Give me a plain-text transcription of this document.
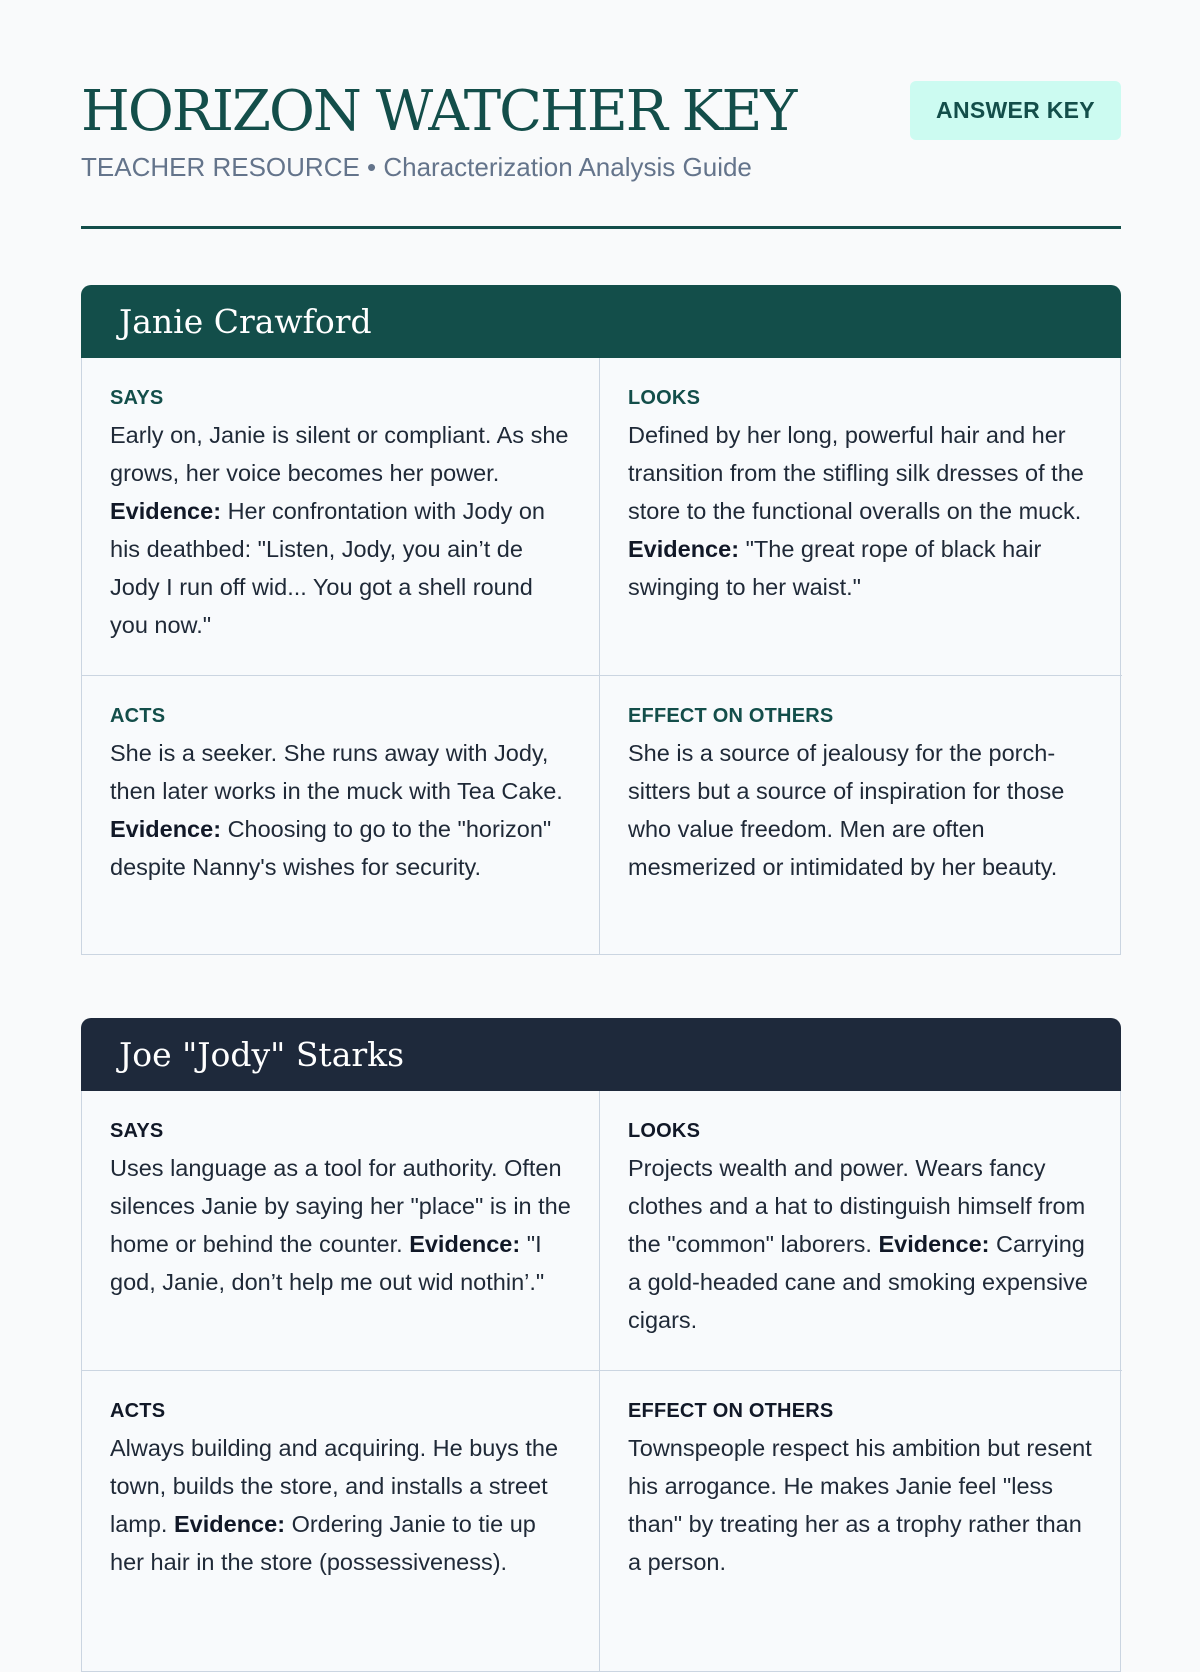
HORIZON WATCHER KEY
TEACHER RESOURCE • Characterization Analysis Guide
ANSWER KEY
Janie Crawford
SAYS
Early on, Janie is silent or compliant. As she grows, her voice becomes her power. Evidence: Her confrontation with Jody on his deathbed: "Listen, Jody, you ain’t de Jody I run off wid... You got a shell round you now."
LOOKS
Defined by her long, powerful hair and her transition from the stifling silk dresses of the store to the functional overalls on the muck. Evidence: "The great rope of black hair swinging to her waist."
ACTS
She is a seeker. She runs away with Jody, then later works in the muck with Tea Cake. Evidence: Choosing to go to the "horizon" despite Nanny's wishes for security.
EFFECT ON OTHERS
She is a source of jealousy for the porch-sitters but a source of inspiration for those who value freedom. Men are often mesmerized or intimidated by her beauty.
Joe "Jody" Starks
SAYS
Uses language as a tool for authority. Often silences Janie by saying her "place" is in the home or behind the counter. Evidence: "I god, Janie, don’t help me out wid nothin’."
LOOKS
Projects wealth and power. Wears fancy clothes and a hat to distinguish himself from the "common" laborers. Evidence: Carrying a gold-headed cane and smoking expensive cigars.
ACTS
Always building and acquiring. He buys the town, builds the store, and installs a street lamp. Evidence: Ordering Janie to tie up her hair in the store (possessiveness).
EFFECT ON OTHERS
Townspeople respect his ambition but resent his arrogance. He makes Janie feel "less than" by treating her as a trophy rather than a person.
